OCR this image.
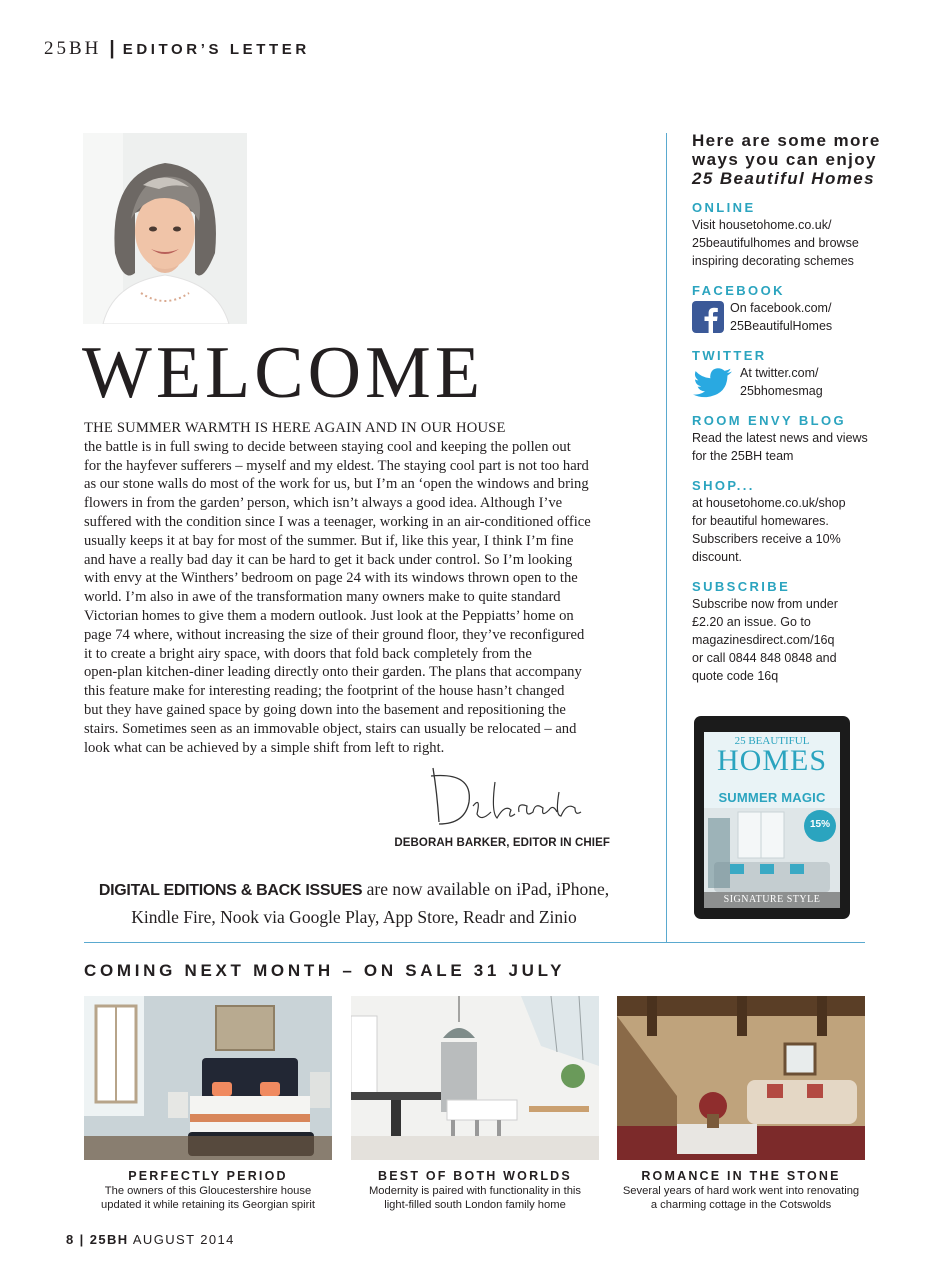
25BH | EDITOR’S LETTER
WELCOME

THE SUMMER WARMTH IS HERE AGAIN AND IN OUR HOUSE

the battle is in full swing to decide between staying cool and keeping the pollen out

for the hayfever sufferers – myself and my eldest. The staying cool part is not too hard

as our stone walls do most of the work for us, but I’m an ‘open the windows and bring

flowers in from the garden’ person, which isn’t always a good idea. Although I’ve

suffered with the condition since I was a teenager, working in an air-conditioned office

usually keeps it at bay for most of the summer. But if, like this year, I think I’m fine

and have a really bad day it can be hard to get it back under control. So I’m looking

with envy at the Winthers’ bedroom on page 24 with its windows thrown open to the

world. I’m also in awe of the transformation many owners make to quite standard

Victorian homes to give them a modern outlook. Just look at the Peppiatts’ home on

page 74 where, without increasing the size of their ground floor, they’ve reconfigured

it to create a bright airy space, with doors that fold back completely from the

open-plan kitchen-diner leading directly onto their garden. The plans that accompany

this feature make for interesting reading; the footprint of the house hasn’t changed

but they have gained space by going down into the basement and repositioning the

stairs. Sometimes seen as an immovable object, stairs can usually be relocated – and

look what can be achieved by a simple shift from left to right.

DEBORAH BARKER, EDITOR IN CHIEF
DIGITAL EDITIONS & BACK ISSUES are now available on iPad, iPhone,
Kindle Fire, Nook via Google Play, App Store, Readr and Zinio
Here are some more
ways you can enjoy
25 Beautiful Homes
ONLINE
Visit housetohome.co.uk/
25beautifulhomes and browse
inspiring decorating schemes
FACEBOOK
On facebook.com/
25BeautifulHomes
TWITTER
At twitter.com/
25bhomesmag
ROOM ENVY BLOG
Read the latest news and views
for the 25BH team
SHOP...
at housetohome.co.uk/shop
for beautiful homewares.
Subscribers receive a 10%
discount.
SUBSCRIBE
Subscribe now from under
£2.20 an issue. Go to
magazinesdirect.com/16q
or call 0844 848 0848 and
quote code 16q
25 BEAUTIFUL
HOMES
SUMMER MAGIC
15%
SIGNATURE STYLE
COMING NEXT MONTH – ON SALE 31 JULY
PERFECTLY PERIOD
The owners of this Gloucestershire house
updated it while retaining its Georgian spirit
BEST OF BOTH WORLDS
Modernity is paired with functionality in this
light-filled south London family home
ROMANCE IN THE STONE
Several years of hard work went into renovating
a charming cottage in the Cotswolds
8 | 25BH AUGUST 2014
